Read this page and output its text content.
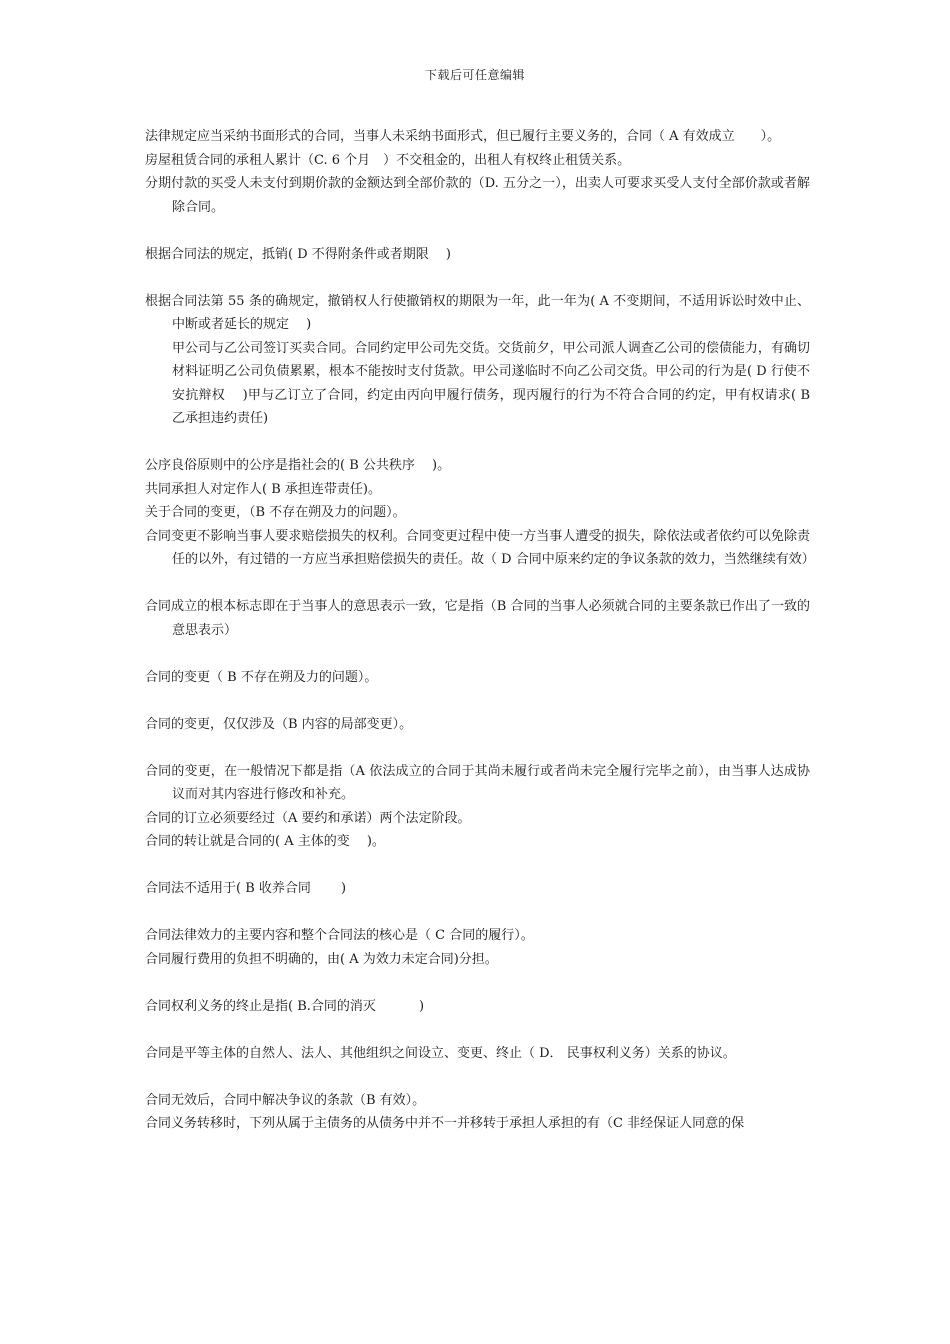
下载后可任意编辑

法律规定应当采纳书面形式的合同，当事人未采纳书面形式，但已履行主要义务的，合同（ A 有效成立　　）。

房屋租赁合同的承租人累计（C. 6 个月　）不交租金的，出租人有权终止租赁关系。

分期付款的买受人未支付到期价款的金额达到全部价款的（D. 五分之一），出卖人可要求买受人支付全部价款或者解除合同。

根据合同法的规定，抵销( D 不得附条件或者期限　 )

根据合同法第 55 条的确规定，撤销权人行使撤销权的期限为一年，此一年为( A 不变期间，不适用诉讼时效中止、中断或者延长的规定　 )

甲公司与乙公司签订买卖合同。合同约定甲公司先交货。交货前夕，甲公司派人调查乙公司的偿债能力，有确切材料证明乙公司负债累累，根本不能按时支付货款。甲公司遂临时不向乙公司交货。甲公司的行为是( D 行使不安抗辩权　 )甲与乙订立了合同，约定由丙向甲履行债务，现丙履行的行为不符合合同的约定，甲有权请求( B 乙承担违约责任)

公序良俗原则中的公序是指社会的( B 公共秩序　 )。

共同承担人对定作人( B 承担连带责任)。

关于合同的变更，（B 不存在朔及力的问题）。

合同变更不影响当事人要求赔偿损失的权利。合同变更过程中使一方当事人遭受的损失，除依法或者依约可以免除责任的以外，有过错的一方应当承担赔偿损失的责任。故（ D 合同中原来约定的争议条款的效力，当然继续有效）

合同成立的根本标志即在于当事人的意思表示一致，它是指（B 合同的当事人必须就合同的主要条款已作出了一致的意思表示）

合同的变更（ B 不存在朔及力的问题）。

合同的变更，仅仅涉及（B 内容的局部变更）。

合同的变更，在一般情况下都是指（A 依法成立的合同于其尚未履行或者尚未完全履行完毕之前），由当事人达成协议而对其内容进行修改和补充。

合同的订立必须要经过（A 要约和承诺）两个法定阶段。

合同的转让就是合同的( A 主体的变　 )。

合同法不适用于( B 收养合同　　 )

合同法律效力的主要内容和整个合同法的核心是（ C 合同的履行）。

合同履行费用的负担不明确的，由( A 为效力未定合同)分担。

合同权利义务的终止是指( B.合同的消灭　　　 )

合同是平等主体的自然人、法人、其他组织之间设立、变更、终止（ D． 民事权利义务）关系的协议。

合同无效后，合同中解决争议的条款（B 有效）。

合同义务转移时，下列从属于主债务的从债务中并不一并移转于承担人承担的有（C 非经保证人同意的保
